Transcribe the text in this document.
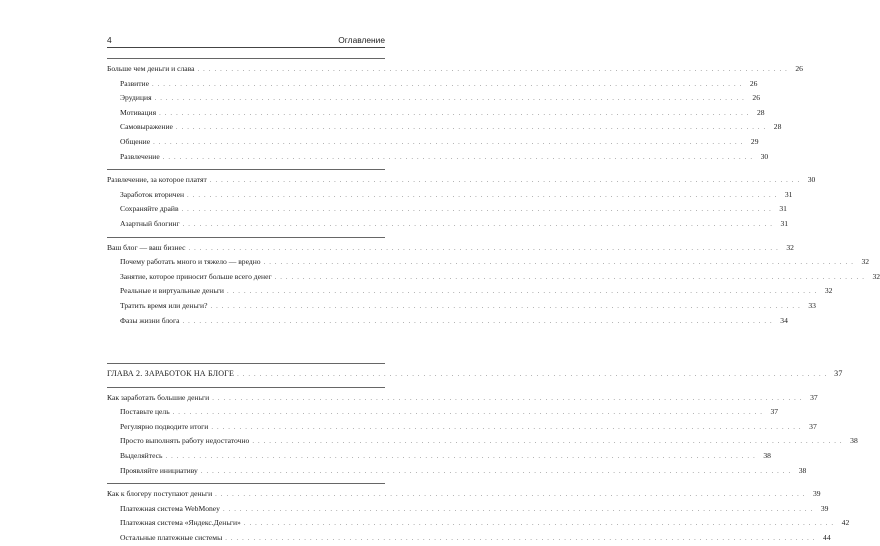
4	Оглавление
Больше чем деньги и слава . . .	26
Развитие . . .	26
Эрудиция . . .	26
Мотивация . . .	28
Самовыражение . . .	28
Общение . . .	29
Развлечение . . .	30
Развлечение, за которое платят . . .	30
Заработок вторичен . . .	31
Сохраняйте драйв . . .	31
Азартный блогинг . . .	31
Ваш блог — ваш бизнес . . .	32
Почему работать много и тяжело — вредно . . .	32
Занятие, которое приносит больше всего денег . . .	32
Реальные и виртуальные деньги . . .	32
Тратить время или деньги? . . .	33
Фазы жизни блога . . .	34
ГЛАВА 2. ЗАРАБОТОК НА БЛОГЕ . . .	37
Как заработать большие деньги . . .	37
Поставьте цель . . .	37
Регулярно подводите итоги . . .	37
Просто выполнять работу недостаточно . . .	38
Выделяйтесь . . .	38
Проявляйте инициативу . . .	38
Как к блогеру поступают деньги . . .	39
Платежная система WebMoney . . .	39
Платежная система «Яндекс.Деньги» . . .	42
Остальные платежные системы . . .	44
